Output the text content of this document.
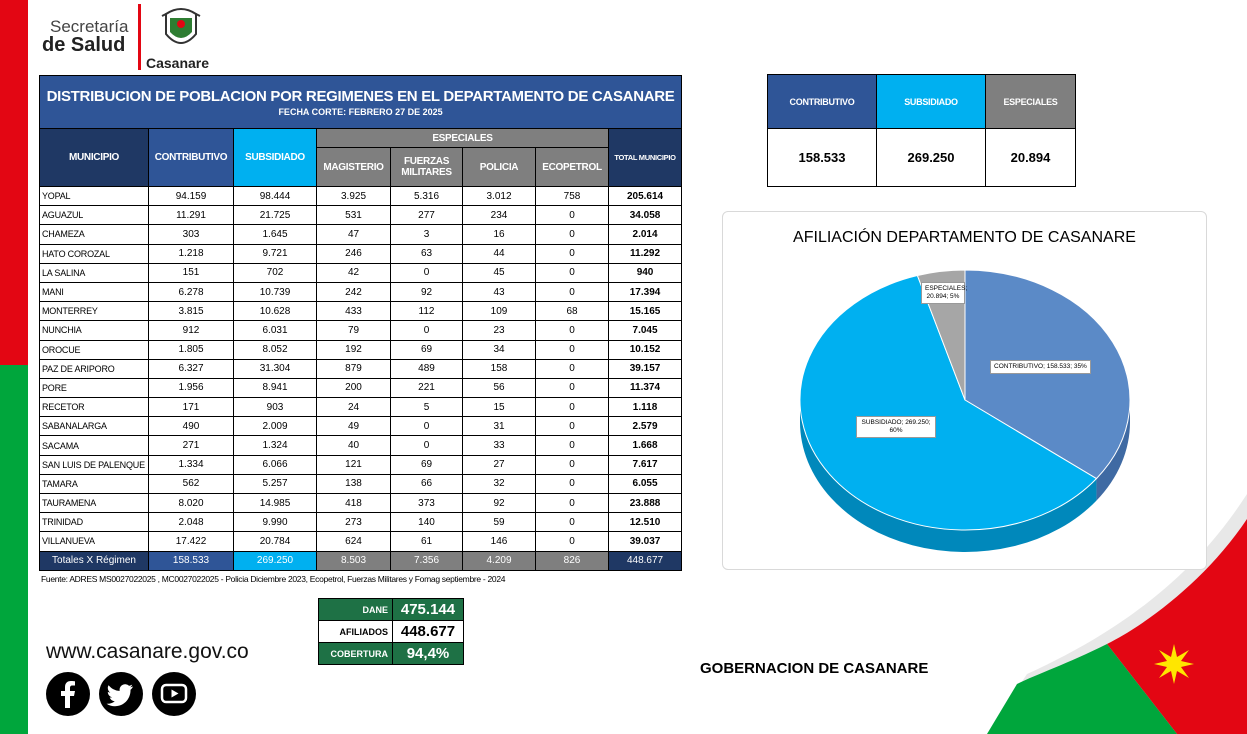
Secretaría
de Salud
Casanare
DISTRIBUCION DE POBLACION POR REGIMENES EN EL DEPARTAMENTO DE CASANARE
FECHA CORTE: FEBRERO 27 DE 2025							

MUNICIPIO	CONTRIBUTIVO	SUBSIDIADO	ESPECIALES				TOTAL MUNICIPIO
			MAGISTERIO	FUERZAS MILITARES	POLICIA	ECOPETROL	
YOPAL	94.159	98.444	3.925	5.316	3.012	758	205.614
AGUAZUL	11.291	21.725	531	277	234	0	34.058
CHAMEZA	303	1.645	47	3	16	0	2.014
HATO COROZAL	1.218	9.721	246	63	44	0	11.292
LA SALINA	151	702	42	0	45	0	940
MANI	6.278	10.739	242	92	43	0	17.394
MONTERREY	3.815	10.628	433	112	109	68	15.165
NUNCHIA	912	6.031	79	0	23	0	7.045
OROCUE	1.805	8.052	192	69	34	0	10.152
PAZ DE ARIPORO	6.327	31.304	879	489	158	0	39.157
PORE	1.956	8.941	200	221	56	0	11.374
RECETOR	171	903	24	5	15	0	1.118
SABANALARGA	490	2.009	49	0	31	0	2.579
SACAMA	271	1.324	40	0	33	0	1.668
SAN LUIS DE PALENQUE	1.334	6.066	121	69	27	0	7.617
TAMARA	562	5.257	138	66	32	0	6.055
TAURAMENA	8.020	14.985	418	373	92	0	23.888
TRINIDAD	2.048	9.990	273	140	59	0	12.510
VILLANUEVA	17.422	20.784	624	61	146	0	39.037
Totales X Régimen	158.533	269.250	8.503	7.356	4.209	826	448.677
Fuente: ADRES MS0027022025 , MC0027022025 - Policia Diciembre 2023, Ecopetrol, Fuerzas Militares y Fomag septiembre - 2024
CONTRIBUTIVO	SUBSIDIADO	ESPECIALES
158.533	269.250	20.894
AFILIACIÓN DEPARTAMENTO DE CASANARE
ESPECIALES; 20.894; 5%
CONTRIBUTIVO; 158.533; 35%
SUBSIDIADO; 269.250; 60%
DANE	475.144
AFILIADOS	448.677
COBERTURA	94,4%
www.casanare.gov.co
GOBERNACION DE CASANARE
